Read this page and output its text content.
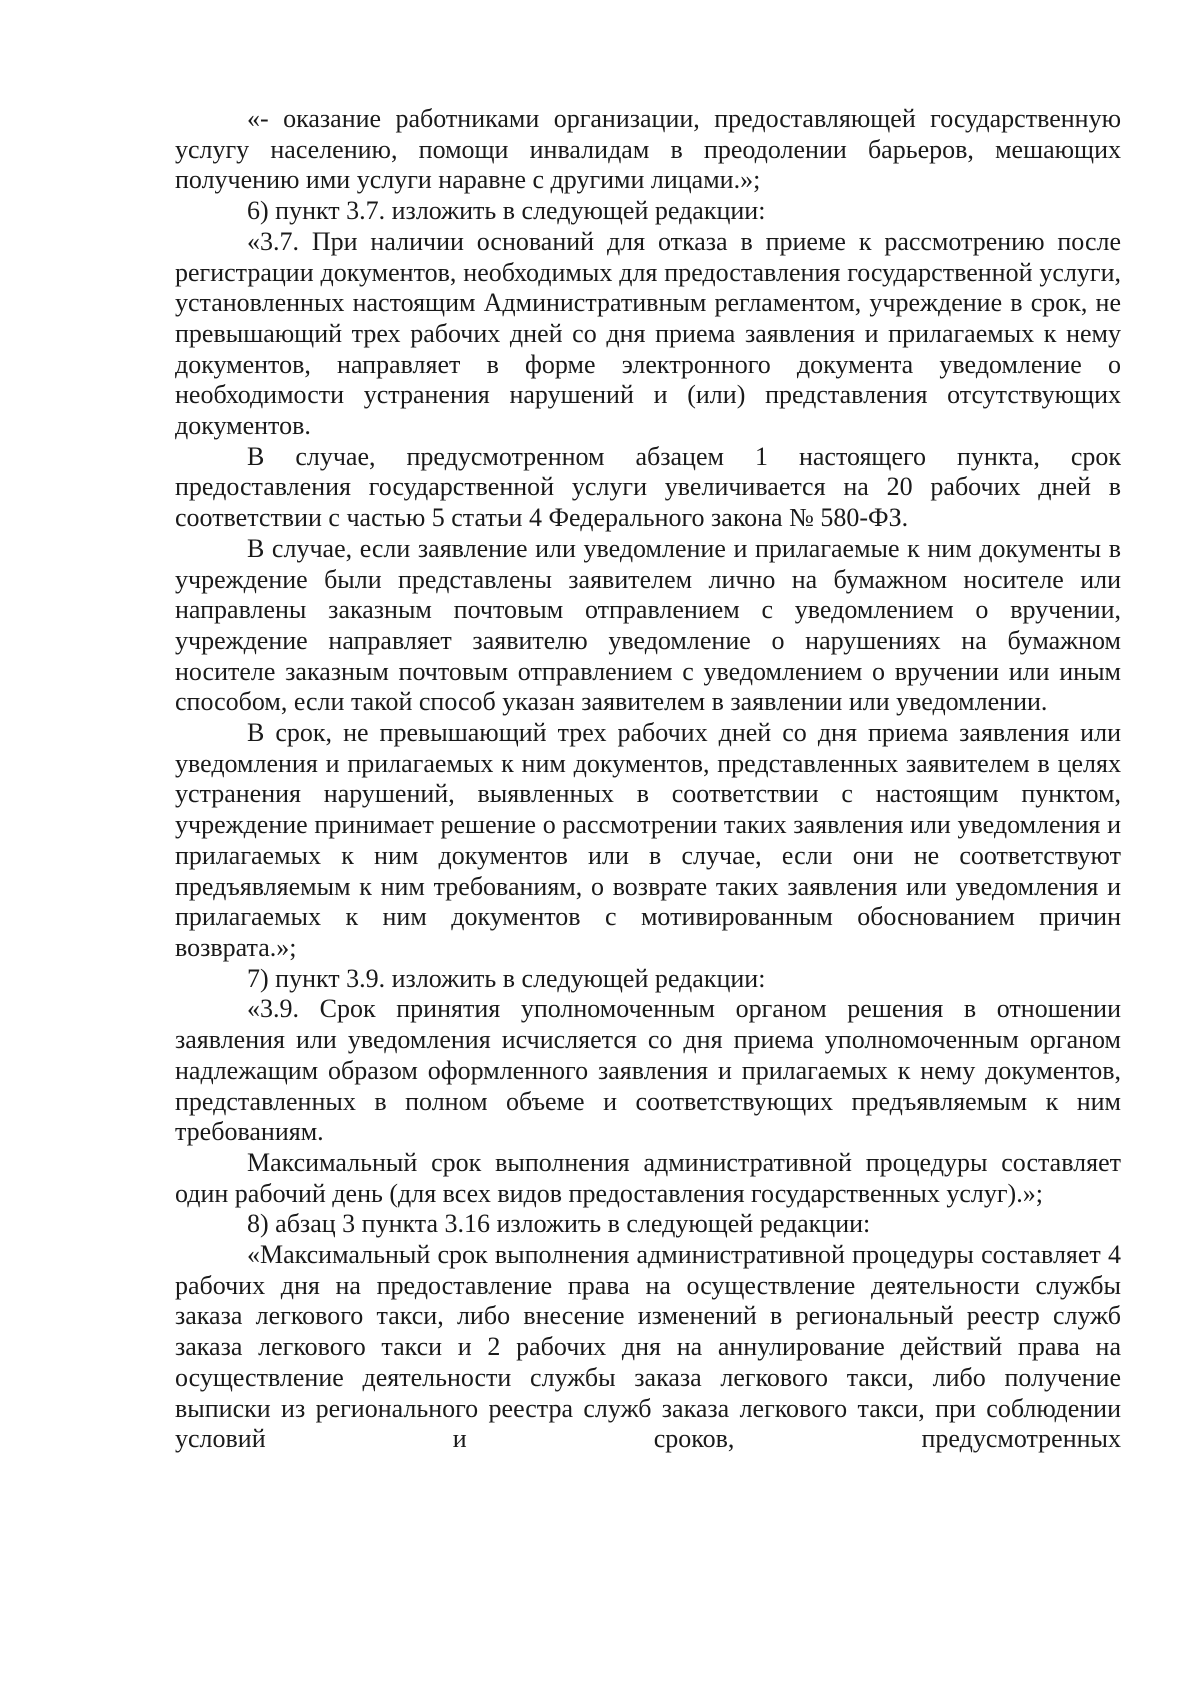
«- оказание работниками организации, предоставляющей государственную услугу населению, помощи инвалидам в преодолении барьеров, мешающих получению ими услуги наравне с другими лицами.»;

6) пункт 3.7. изложить в следующей редакции:

«3.7. При наличии оснований для отказа в приеме к рассмотрению после регистрации документов, необходимых для предоставления государственной услуги, установленных настоящим Административным регламентом, учреждение в срок, не превышающий трех рабочих дней со дня приема заявления и прилагаемых к нему документов, направляет в форме электронного документа уведомление о необходимости устранения нарушений и (или) представления отсутствующих документов.

В случае, предусмотренном абзацем 1 настоящего пункта, срок предоставления государственной услуги увеличивается на 20 рабочих дней в соответствии с частью 5 статьи 4 Федерального закона № 580-ФЗ.

В случае, если заявление или уведомление и прилагаемые к ним документы в учреждение были представлены заявителем лично на бумажном носителе или направлены заказным почтовым отправлением с уведомлением о вручении, учреждение направляет заявителю уведомление о нарушениях на бумажном носителе заказным почтовым отправлением с уведомлением о вручении или иным способом, если такой способ указан заявителем в заявлении или уведомлении.

В срок, не превышающий трех рабочих дней со дня приема заявления или уведомления и прилагаемых к ним документов, представленных заявителем в целях устранения нарушений, выявленных в соответствии с настоящим пунктом, учреждение принимает решение о рассмотрении таких заявления или уведомления и прилагаемых к ним документов или в случае, если они не соответствуют предъявляемым к ним требованиям, о возврате таких заявления или уведомления и прилагаемых к ним документов с мотивированным обоснованием причин возврата.»;

7) пункт 3.9. изложить в следующей редакции:

«3.9. Срок принятия уполномоченным органом решения в отношении заявления или уведомления исчисляется со дня приема уполномоченным органом надлежащим образом оформленного заявления и прилагаемых к нему документов, представленных в полном объеме и соответствующих предъявляемым к ним требованиям.

Максимальный срок выполнения административной процедуры составляет один рабочий день (для всех видов предоставления государственных услуг).»;

8) абзац 3 пункта 3.16 изложить в следующей редакции:

«Максимальный срок выполнения административной процедуры составляет 4 рабочих дня на предоставление права на осуществление деятельности службы заказа легкового такси, либо внесение изменений в региональный реестр служб заказа легкового такси и 2 рабочих дня на аннулирование действий права на осуществление деятельности службы заказа легкового такси, либо получение выписки из регионального реестра служб заказа легкового такси, при соблюдении условий и сроков, предусмотренных
